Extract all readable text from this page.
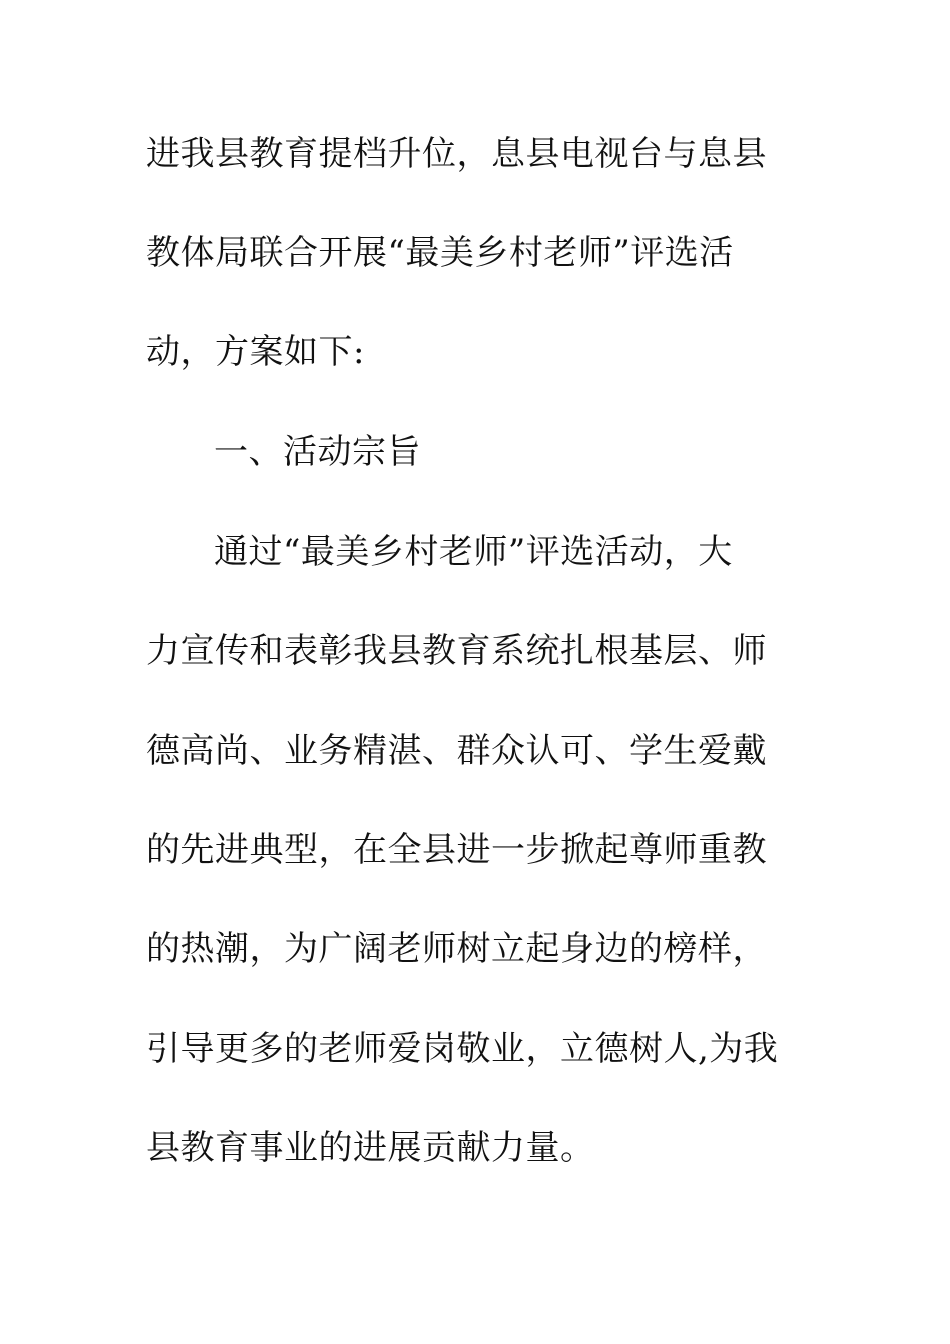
进我县教育提档升位，息县电视台与息县
教体局联合开展“最美乡村老师”评选活
动，方案如下:
一、活动宗旨
通过“最美乡村老师”评选活动，大
力宣传和表彰我县教育系统扎根基层、师
德高尚、业务精湛、群众认可、学生爱戴
的先进典型，在全县进一步掀起尊师重教
的热潮，为广阔老师树立起身边的榜样，
引导更多的老师爱岗敬业，立德树人,为我
县教育事业的进展贡献力量。
